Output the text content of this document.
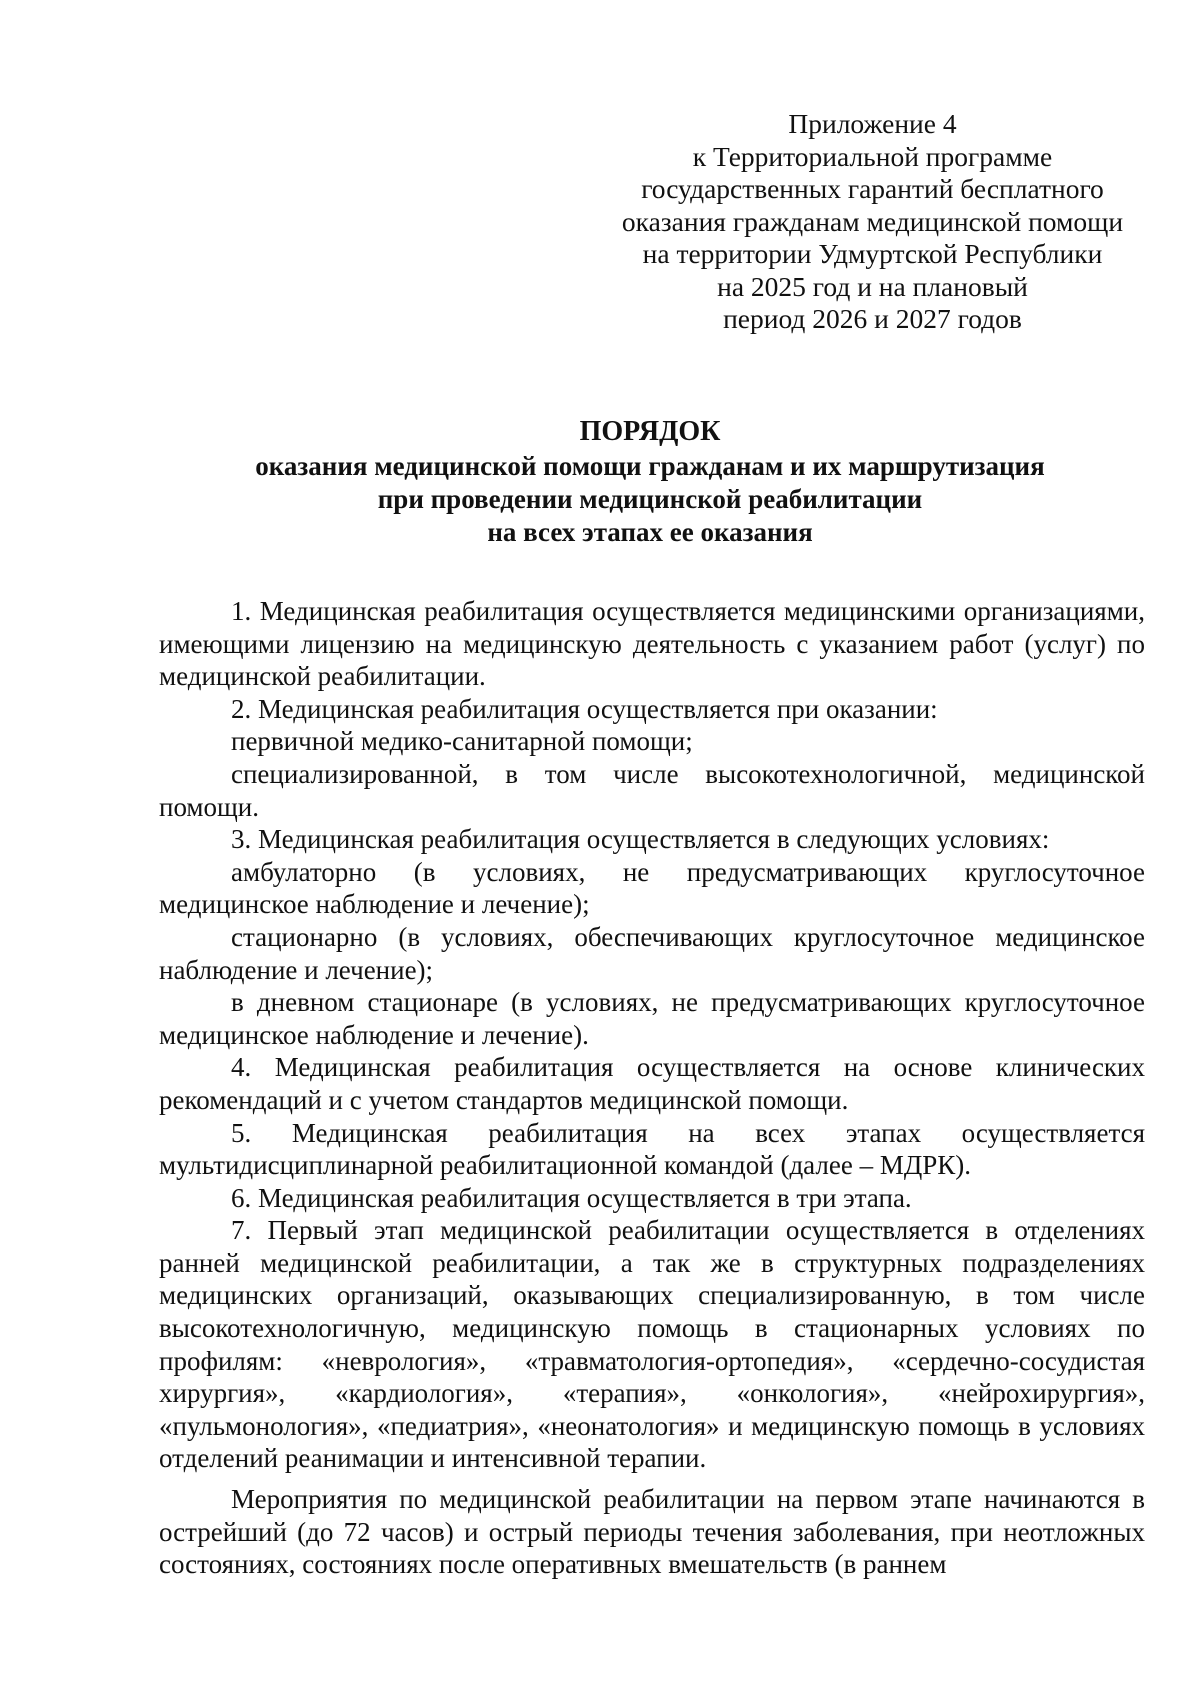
Приложение 4
к Территориальной программе
государственных гарантий бесплатного
оказания гражданам медицинской помощи
на территории Удмуртской Республики
на 2025 год и на плановый
период 2026 и 2027 годов
ПОРЯДОК
оказания медицинской помощи гражданам и их маршрутизация
при проведении медицинской реабилитации
на всех этапах ее оказания

1. Медицинская реабилитация осуществляется медицинскими организациями, имеющими лицензию на медицинскую деятельность с указанием работ (услуг) по медицинской реабилитации.

2. Медицинская реабилитация осуществляется при оказании:

первичной медико-санитарной помощи;

специализированной, в том числе высокотехнологичной, медицинской помощи.

3. Медицинская реабилитация осуществляется в следующих условиях:

амбулаторно (в условиях, не предусматривающих круглосуточное медицинское наблюдение и лечение);

стационарно (в условиях, обеспечивающих круглосуточное медицинское наблюдение и лечение);

в дневном стационаре (в условиях, не предусматривающих круглосуточное медицинское наблюдение и лечение).

4. Медицинская реабилитация осуществляется на основе клинических рекомендаций и с учетом стандартов медицинской помощи.

5. Медицинская реабилитация на всех этапах осуществляется мультидисциплинарной реабилитационной командой (далее – МДРК).

6. Медицинская реабилитация осуществляется в три этапа.

7. Первый этап медицинской реабилитации осуществляется в отделениях ранней медицинской реабилитации, а так же в структурных подразделениях медицинских организаций, оказывающих специализированную, в том числе высокотехнологичную, медицинскую помощь в стационарных условиях по профилям: «неврология», «травматология-ортопедия», «сердечно-сосудистая хирургия», «кардиология», «терапия», «онкология», «нейрохирургия», «пульмонология», «педиатрия», «неонатология» и медицинскую помощь в условиях отделений реанимации и интенсивной терапии.

Мероприятия по медицинской реабилитации на первом этапе начинаются в острейший (до 72 часов) и острый периоды течения заболевания, при неотложных состояниях, состояниях после оперативных вмешательств (в раннем
